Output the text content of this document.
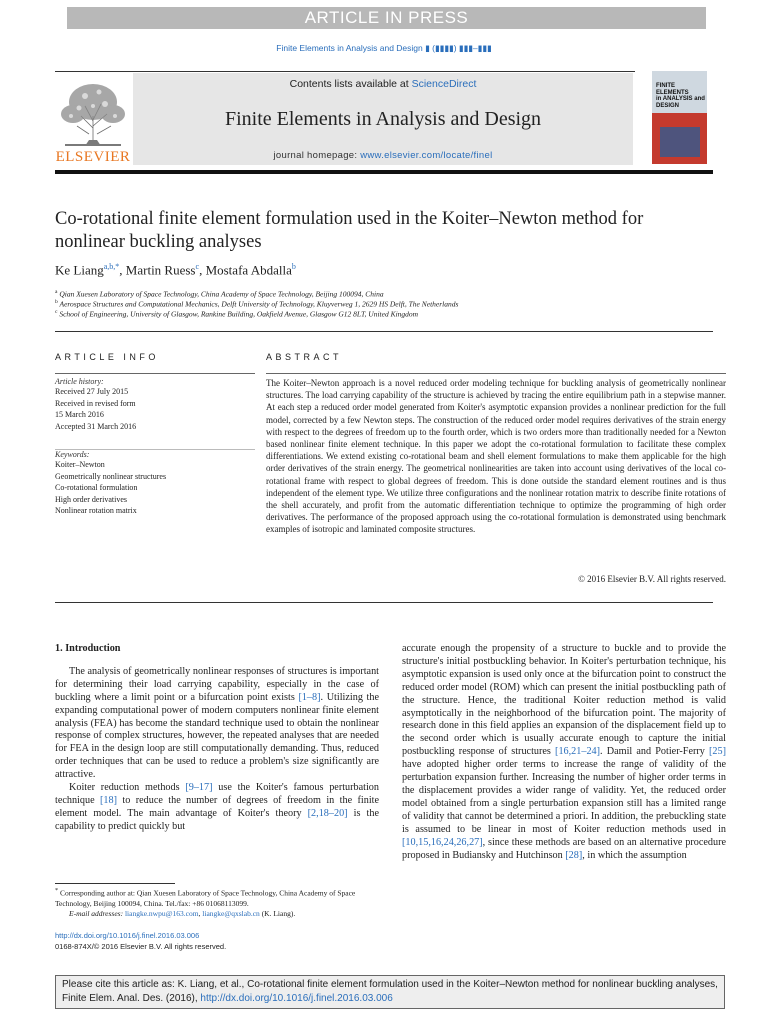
ARTICLE IN PRESS
Finite Elements in Analysis and Design ▮ (▮▮▮▮) ▮▮▮–▮▮▮
ELSEVIER
Contents lists available at ScienceDirect
Finite Elements in Analysis and Design
journal homepage: www.elsevier.com/locate/finel
FINITE ELEMENTS
in ANALYSIS and
DESIGN
Co-rotational finite element formulation used in the Koiter–Newton method for nonlinear buckling analyses
Ke Liang$^{a,b,*}$, Martin Ruess$^c$, Mostafa Abdalla$^b$
$^a$ Qian Xuesen Laboratory of Space Technology, China Academy of Space Technology, Beijing 100094, China
$^b$ Aerospace Structures and Computational Mechanics, Delft University of Technology, Kluyverweg 1, 2629 HS Delft, The Netherlands
$^c$ School of Engineering, University of Glasgow, Rankine Building, Oakfield Avenue, Glasgow G12 8LT, United Kingdom
ARTICLE INFO
Article history:
Received 27 July 2015
Received in revised form
15 March 2016
Accepted 31 March 2016
Keywords:
Koiter–Newton
Geometrically nonlinear structures
Co-rotational formulation
High order derivatives
Nonlinear rotation matrix
ABSTRACT
The Koiter–Newton approach is a novel reduced order modeling technique for buckling analysis of geometrically nonlinear structures. The load carrying capability of the structure is achieved by tracing the entire equilibrium path in a stepwise manner. At each step a reduced order model generated from Koiter's asymptotic expansion provides a nonlinear prediction for the full model, corrected by a few Newton steps. The construction of the reduced order model requires derivatives of the strain energy with respect to the degrees of freedom up to the fourth order, which is two orders more than traditionally needed for a Newton based nonlinear finite element technique. In this paper we adopt the co-rotational formulation to facilitate these complex differentiations. We extend existing co-rotational beam and shell element formulations to make them applicable for the high order derivatives of the strain energy. The geometrical nonlinearities are taken into account using derivatives of the local co-rotational frame with respect to global degrees of freedom. This is done outside the standard element routines and is thus independent of the element type. We utilize three configurations and the nonlinear rotation matrix to describe finite rotations of the shell accurately, and profit from the automatic differentiation technique to optimize the programming of high order derivatives. The performance of the proposed approach using the co-rotational formulation is demonstrated using benchmark examples of isotropic and laminated composite structures.
© 2016 Elsevier B.V. All rights reserved.
1. Introduction

The analysis of geometrically nonlinear responses of structures is important for determining their load carrying capability, especially in the case of buckling where a limit point or a bifurcation point exists [1–8]. Utilizing the expanding computational power of modern computers nonlinear finite element analysis (FEA) has become the standard technique used to obtain the nonlinear response of complex structures, however, the repeated analyses that are needed for FEA in the design loop are still computationally demanding. Thus, reduced order techniques that can be used to reduce a problem's size significantly are attractive.

Koiter reduction methods [9–17] use the Koiter's famous perturbation technique [18] to reduce the number of degrees of freedom in the finite element model. The main advantage of Koiter's theory [2,18–20] is the capability to predict quickly but

accurate enough the propensity of a structure to buckle and to provide the structure's initial postbuckling behavior. In Koiter's perturbation technique, his asymptotic expansion is used only once at the bifurcation point to construct the reduced order model (ROM) which can present the initial postbuckling path of the structure. Hence, the traditional Koiter reduction method is valid asymptotically in the neighborhood of the bifurcation point. The majority of research done in this field applies an expansion of the displacement field up to the second order which is usually accurate enough to capture the initial postbuckling response of structures [16,21–24]. Damil and Potier-Ferry [25] have adopted higher order terms to increase the range of validity of the perturbation expansion further. Increasing the number of higher order terms in the displacement provides a wider range of validity. Yet, the reduced order model obtained from a single perturbation expansion still has a limited range of validity that cannot be determined a priori. In addition, the prebuckling state is assumed to be linear in most of Koiter reduction methods used in [10,15,16,24,26,27], since these methods are based on an alternative procedure proposed in Budiansky and Hutchinson [28], in which the assumption

* Corresponding author at: Qian Xuesen Laboratory of Space Technology, China Academy of Space Technology, Beijing 100094, China. Tel./fax: +86 01068113099.
E-mail addresses: liangke.nwpu@163.com, liangke@qxslab.cn (K. Liang).
http://dx.doi.org/10.1016/j.finel.2016.03.006
0168-874X/© 2016 Elsevier B.V. All rights reserved.
Please cite this article as: K. Liang, et al., Co-rotational finite element formulation used in the Koiter–Newton method for nonlinear buckling analyses, Finite Elem. Anal. Des. (2016), http://dx.doi.org/10.1016/j.finel.2016.03.006
